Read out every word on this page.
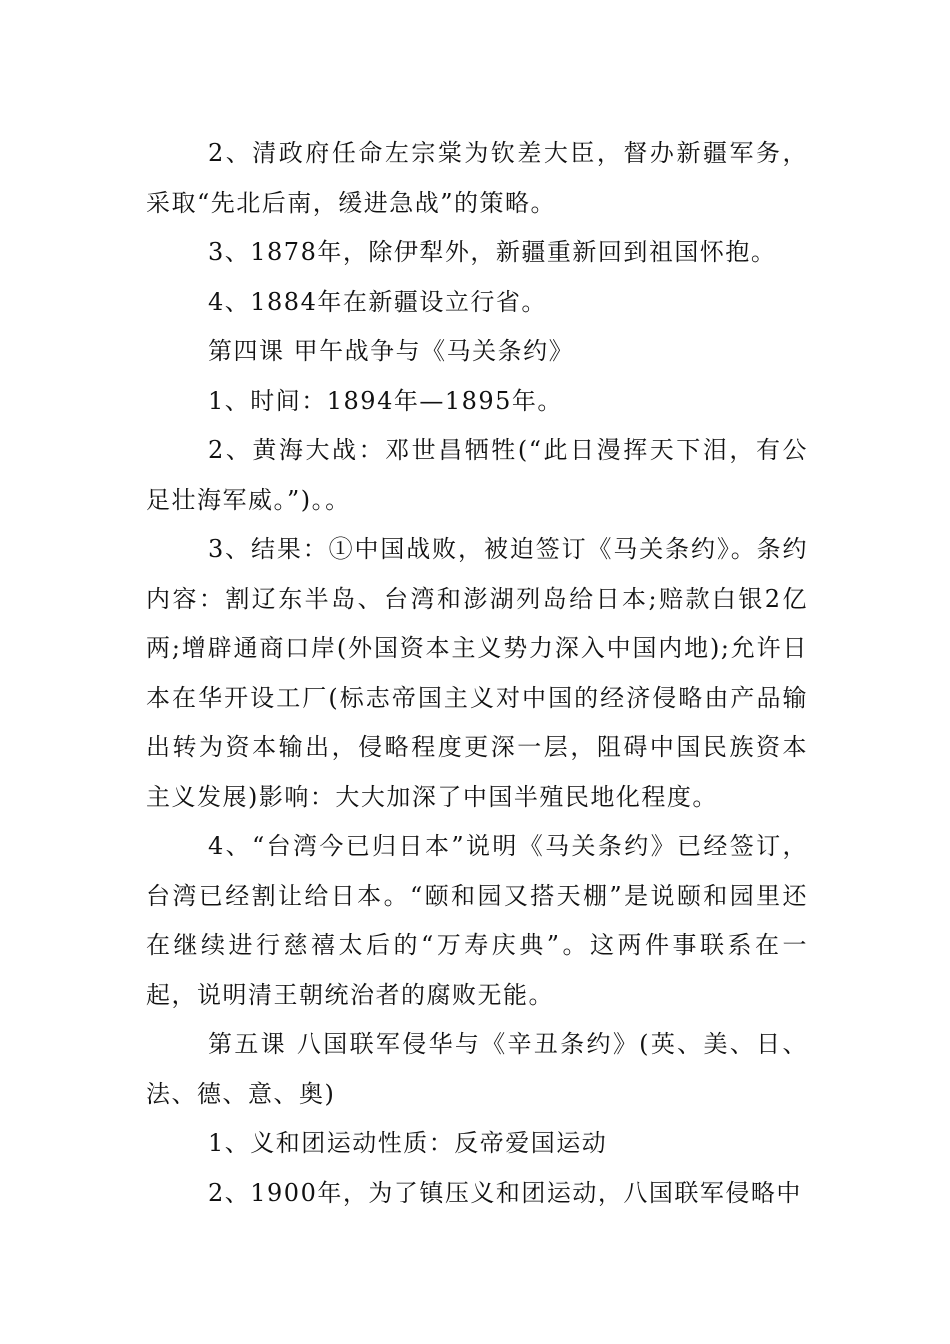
2、清政府任命左宗棠为钦差大臣，督办新疆军务，采取“先北后南，缓进急战”的策略。

3、1878年，除伊犁外，新疆重新回到祖国怀抱。

4、1884年在新疆设立行省。

第四课 甲午战争与《马关条约》

1、时间：1894年—1895年。

2、黄海大战：邓世昌牺牲(“此日漫挥天下泪，有公足壮海军威。”)。。

3、结果：①中国战败，被迫签订《马关条约》。条约内容：割辽东半岛、台湾和澎湖列岛给日本;赔款白银2亿两;增辟通商口岸(外国资本主义势力深入中国内地);允许日本在华开设工厂(标志帝国主义对中国的经济侵略由产品输出转为资本输出，侵略程度更深一层，阻碍中国民族资本主义发展)影响：大大加深了中国半殖民地化程度。

4、“台湾今已归日本”说明《马关条约》已经签订，台湾已经割让给日本。“颐和园又搭天棚”是说颐和园里还在继续进行慈禧太后的“万寿庆典”。这两件事联系在一起，说明清王朝统治者的腐败无能。

第五课 八国联军侵华与《辛丑条约》(英、美、日、法、德、意、奥)

1、义和团运动性质：反帝爱国运动

2、1900年，为了镇压义和团运动，八国联军侵略中
